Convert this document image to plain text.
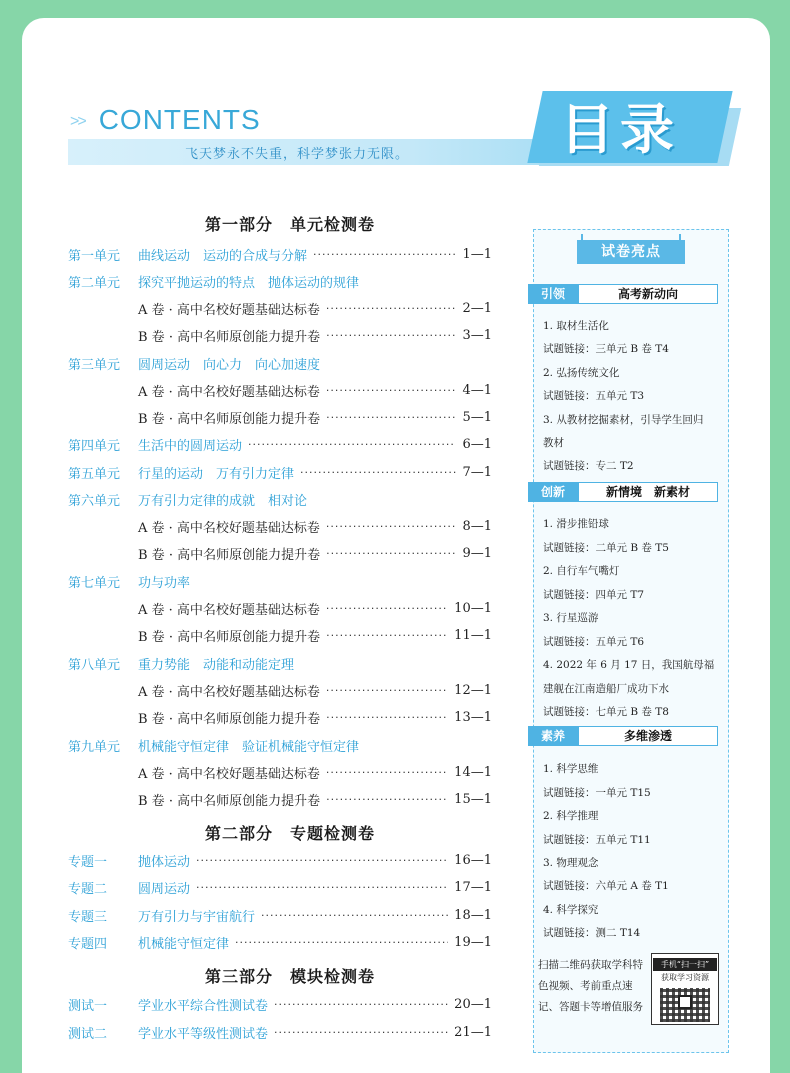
>> CONTENTS
飞天梦永不失重，科学梦张力无限。	目录
第一部分　单元检测卷
第二部分　专题检测卷
第三部分　模块检测卷
第一单元	曲线运动　运动的合成与分解 ·····	1—1
第二单元	探究平抛运动的特点　抛体运动的规律
A 卷 · 高中名校好题基础达标卷 ·····	2—1
B 卷 · 高中名师原创能力提升卷 ·····	3—1
第三单元	圆周运动　向心力　向心加速度
A 卷 · 高中名校好题基础达标卷 ·····	4—1
B 卷 · 高中名师原创能力提升卷 ·····	5—1
第四单元	生活中的圆周运动 ·····	6—1
第五单元	行星的运动　万有引力定律 ·····	7—1
第六单元	万有引力定律的成就　相对论
A 卷 · 高中名校好题基础达标卷 ·····	8—1
B 卷 · 高中名师原创能力提升卷 ·····	9—1
第七单元	功与功率
A 卷 · 高中名校好题基础达标卷 ·····	10—1
B 卷 · 高中名师原创能力提升卷 ·····	11—1
第八单元	重力势能　动能和动能定理
A 卷 · 高中名校好题基础达标卷 ·····	12—1
B 卷 · 高中名师原创能力提升卷 ·····	13—1
第九单元	机械能守恒定律　验证机械能守恒定律
A 卷 · 高中名校好题基础达标卷 ·····	14—1
B 卷 · 高中名师原创能力提升卷 ·····	15—1
专题一	抛体运动 ·····	16—1
专题二	圆周运动 ·····	17—1
专题三	万有引力与宇宙航行 ·····	18—1
专题四	机械能守恒定律 ·····	19—1
测试一	学业水平综合性测试卷 ·····	20—1
测试二	学业水平等级性测试卷 ·····	21—1
试卷亮点
引领	高考新动向
创新	新情境　新素材
素养	多维渗透
1. 取材生活化
试题链接：三单元 B 卷 T4
2. 弘扬传统文化
试题链接：五单元 T3
3. 从教材挖掘素材，引导学生回归
教材
试题链接：专二 T2
1. 滑步推铅球
试题链接：二单元 B 卷 T5
2. 自行车气嘴灯
试题链接：四单元 T7
3. 行星巡游
试题链接：五单元 T6
4. 2022 年 6 月 17 日，我国航母福
建舰在江南造船厂成功下水
试题链接：七单元 B 卷 T8
1. 科学思维
试题链接：一单元 T15
2. 科学推理
试题链接：五单元 T11
3. 物理观念
试题链接：六单元 A 卷 T1
4. 科学探究
试题链接：测二 T14
扫描二维码获取学科特色视频、考前重点速记、答题卡等增值服务
手机“扫一扫”
获取学习资源
